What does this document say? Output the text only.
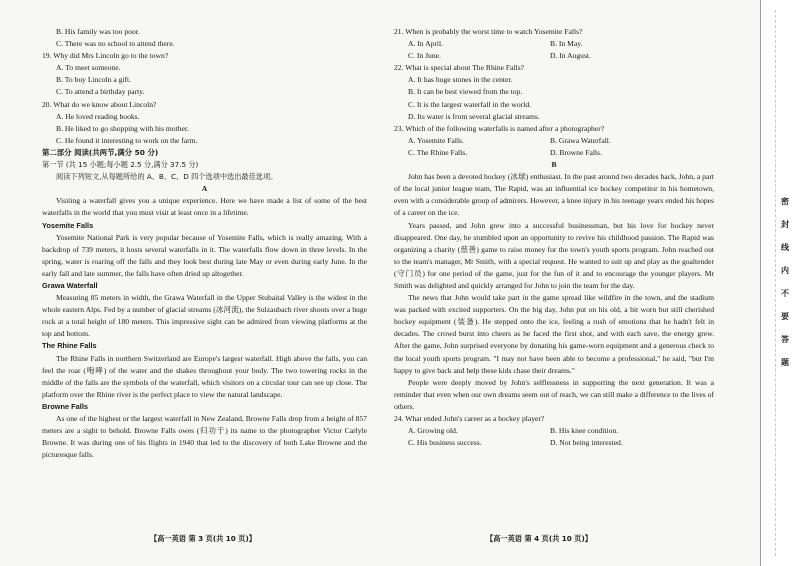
B. His family was too poor.

C. There was no school to attend there.

19. Why did Mrs Lincoln go to the town?

A. To meet someone.

B. To buy Lincoln a gift.

C. To attend a birthday party.

20. What do we know about Lincoln?

A. He loved reading books.

B. He liked to go shopping with his mother.

C. He found it interesting to work on the farm.

第二部分 阅读(共两节,满分 50 分)

第一节 (共 15 小题;每小题 2.5 分,满分 37.5 分)

阅读下列短文,从每题所给的 A、B、C、D 四个选项中选出最佳选项。

A

Visiting a waterfall gives you a unique experience. Here we have made a list of some of the best waterfalls in the world that you must visit at least once in a lifetime.

Yosemite Falls

Yosemite National Park is very popular because of Yosemite Falls, which is really amazing. With a backdrop of 739 meters, it hosts several waterfalls in it. The waterfalls flow down in three levels. In the spring, water is roaring off the falls and they look best during late May or even during early June. In the early fall and late summer, the falls have often dried up altogether.

Grawa Waterfall

Measuring 85 meters in width, the Grawa Waterfall in the Upper Stubaital Valley is the widest in the whole eastern Alps. Fed by a number of glacial streams (冰河流), the Sulzaubach river shoots over a huge rock at a total height of 180 meters. This impressive sight can be admired from viewing platforms at the top and bottom.

The Rhine Falls

The Rhine Falls in northern Switzerland are Europe's largest waterfall. High above the falls, you can feel the roar (咆哮) of the water and the shakes throughout your body. The two towering rocks in the middle of the falls are the symbols of the waterfall, which visitors on a circular tour can see up close. The platform over the Rhine river is the perfect place to view the natural landscape.

Browne Falls

As one of the highest or the largest waterfall in New Zealand, Browne Falls drop from a height of 857 meters are a sight to behold. Browne Falls owes (归功于) its name to the photographer Victor Carlyle Browne. It was during one of his flights in 1940 that led to the discovery of both Lake Browne and the picturesque falls.

21. When is probably the worst time to watch Yosemite Falls?

A. In April.	B. In May.
C. In June.	D. In August.

22. What is special about The Rhine Falls?

A. It has huge stones in the center.

B. It can be best viewed from the top.

C. It is the largest waterfall in the world.

D. Its water is from several glacial streams.

23. Which of the following waterfalls is named after a photographer?

A. Yosemite Falls.	B. Grawa Waterfall.
C. The Rhine Falls.	D. Browne Falls.

B

John has been a devoted hockey (冰球) enthusiast. In the past around two decades back, John, a part of the local junior league team, The Rapid, was an influential ice hockey competitor in his hometown, even with a considerable group of admirers. However, a knee injury in his teenage years ended his hopes of a career on the ice.

Years passed, and John grew into a successful businessman, but his love for hockey never disappeared. One day, he stumbled upon an opportunity to revive his childhood passion. The Rapid was organizing a charity (慈善) game to raise money for the town's youth sports program. John reached out to the team's manager, Mr Smith, with a special request. He wanted to suit up and play as the goaltender (守门员) for one period of the game, just for the fun of it and to encourage the younger players. Mr Smith was delighted and quickly arranged for John to join the team for the day.

The news that John would take part in the game spread like wildfire in the town, and the stadium was packed with excited supporters. On the big day, John put on his old, a bit worn but still cherished hockey equipment (装备). He stepped onto the ice, feeling a rush of emotions that he hadn't felt in decades. The crowd burst into cheers as he faced the first shot, and with each save, the energy grew. After the game, John surprised everyone by donating his game-worn equipment and a generous check to the local youth sports program. "I may not have been able to become a professional," he said, "but I'm happy to give back and help these kids chase their dreams."

People were deeply moved by John's selflessness in supporting the next generation. It was a reminder that even when our own dreams seem out of reach, we can still make a difference to the lives of others.

24. What ended John's career as a hockey player?

A. Growing old.	B. His knee condition.
C. His business success.	D. Not being interested.
【高一英语 第 3 页(共 10 页)】	【高一英语 第 4 页(共 10 页)】
密
封
线
内
不
要
答
题
